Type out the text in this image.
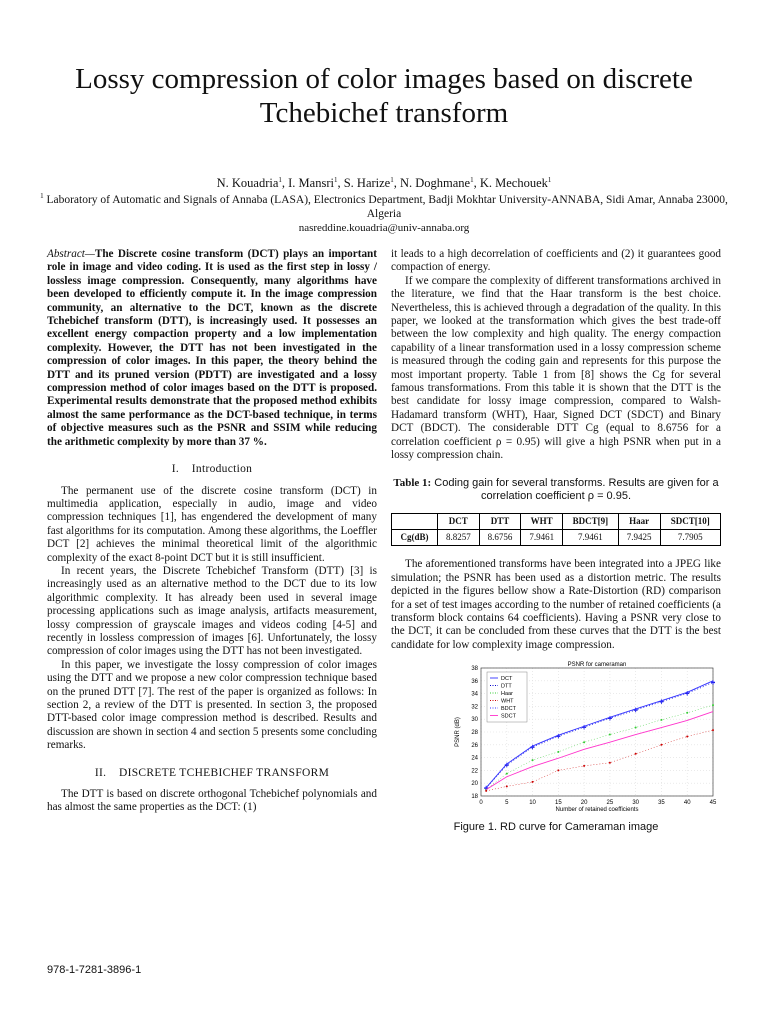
Lossy compression of color images based on discrete Tchebichef transform
N. Kouadria$^1$, I. Mansri$^1$, S. Harize$^1$, N. Doghmane$^1$, K. Mechouek$^1$
$^1$ Laboratory of Automatic and Signals of Annaba (LASA), Electronics Department, Badji Mokhtar University-ANNABA, Sidi Amar, Annaba 23000, Algeria
nasreddine.kouadria@univ-annaba.org

Abstract—The Discrete cosine transform (DCT) plays an important role in image and video coding. It is used as the first step in lossy / lossless image compression. Consequently, many algorithms have been developed to efficiently compute it. In the image compression community, an alternative to the DCT, known as the discrete Tchebichef transform (DTT), is increasingly used. It possesses an excellent energy compaction property and a low implementation complexity. However, the DTT has not been investigated in the compression of color images. In this paper, the theory behind the DTT and its pruned version (PDTT) are investigated and a lossy compression method of color images based on the DTT is proposed. Experimental results demonstrate that the proposed method exhibits almost the same performance as the DCT-based technique, in terms of objective measures such as the PSNR and SSIM while reducing the arithmetic complexity by more than 37 %.

I.    Introduction

The permanent use of the discrete cosine transform (DCT) in multimedia application, especially in audio, image and video compression techniques [1], has engendered the development of many fast algorithms for its computation. Among these algorithms, the Loeffler DCT [2] achieves the minimal theoretical limit of the algorithmic complexity of the exact 8-point DCT but it is still insufficient.

In recent years, the Discrete Tchebichef Transform (DTT) [3] is increasingly used as an alternative method to the DCT due to its low algorithmic complexity. It has already been used in several image processing applications such as image analysis, artifacts measurement, lossy compression of grayscale images and videos coding [4-5] and recently in lossless compression of images [6]. Unfortunately, the lossy compression of color images using the DTT has not been investigated.

In this paper, we investigate the lossy compression of color images using the DTT and we propose a new color compression technique based on the pruned DTT [7]. The rest of the paper is organized as follows: In section 2, a review of the DTT is presented. In section 3, the proposed DTT-based color image compression method is described. Results and discussion are shown in section 4 and section 5 presents some concluding remarks.

II.    DISCRETE TCHEBICHEF TRANSFORM

The DTT is based on discrete orthogonal Tchebichef polynomials and has almost the same properties as the DCT: (1)

it leads to a high decorrelation of coefficients and (2) it guarantees good compaction of energy.

If we compare the complexity of different transformations archived in the literature, we find that the Haar transform is the best choice. Nevertheless, this is achieved through a degradation of the quality. In this paper, we looked at the transformation which gives the best trade-off between the low complexity and high quality. The energy compaction capability of a linear transformation used in a lossy compression scheme is measured through the coding gain and represents for this purpose the most important property. Table 1 from [8] shows the Cg for several famous transformations. From this table it is shown that the DTT is the best candidate for lossy image compression, compared to Walsh-Hadamard transform (WHT), Haar, Signed DCT (SDCT) and Binary DCT (BDCT). The considerable DTT Cg (equal to 8.6756 for a correlation coefficient ρ = 0.95) will give a high PSNR when put in a lossy compression chain.

Table 1: Coding gain for several transforms. Results are given for a correlation coefficient ρ = 0.95.
	DCT	DTT	WHT	BDCT[9]	Haar	SDCT[10]
Cg(dB)	8.8257	8.6756	7.9461	7.9461	7.9425	7.7905

The aforementioned transforms have been integrated into a JPEG like simulation; the PSNR has been used as a distortion metric. The results depicted in the figures bellow show a Rate-Distortion (RD) comparison for a set of test images according to the number of retained coefficients (a transform block contains 64 coefficients). Having a PSNR very close to the DCT, it can be concluded from these curves that the DTT is the best candidate for low complexity image compression.

0	5	10	15	20	25	30	35	40	45
18
20
22
24
26
28
30
32
34
36
38
PSNR for cameraman
Number of retained coefficients
PSNR (dB)
DCT
DTT
Haar
WHT
BDCT
SDCT
Figure 1. RD curve for Cameraman image
978-1-7281-3896-1
